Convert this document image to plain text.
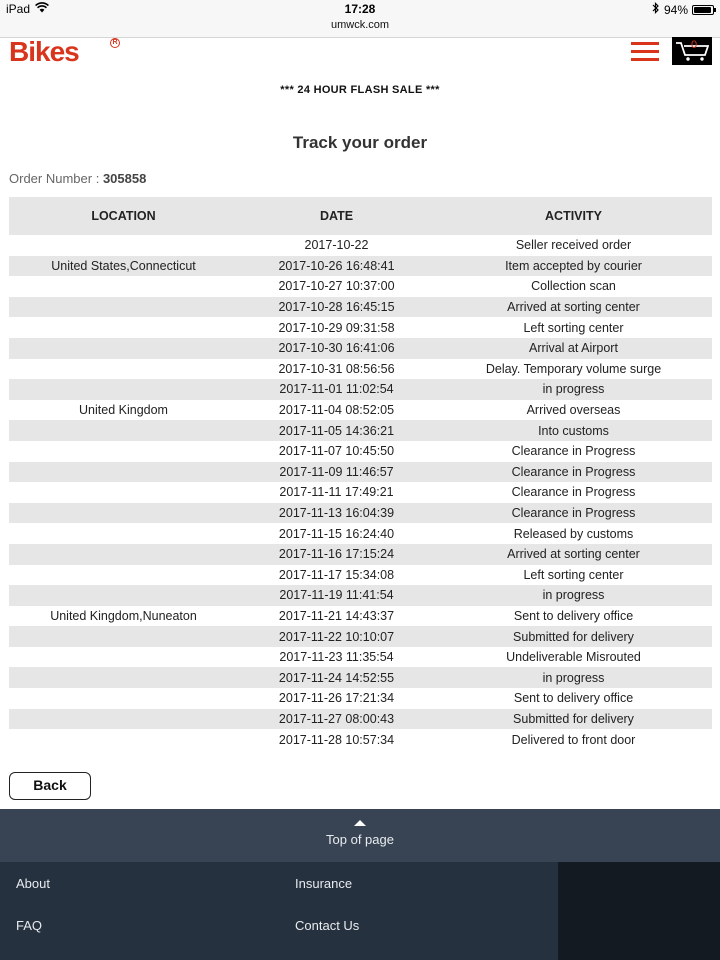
iPad	17:28
umwck.com
94%
Bikes	R	0
*** 24 HOUR FLASH SALE ***
Track your order
Order Number : 305858
LOCATION	DATE	ACTIVITY
2017-10-22	Seller received order
United States,Connecticut	2017-10-26 16:48:41	Item accepted by courier
2017-10-27 10:37:00	Collection scan
2017-10-28 16:45:15	Arrived at sorting center
2017-10-29 09:31:58	Left sorting center
2017-10-30 16:41:06	Arrival at Airport
2017-10-31 08:56:56	Delay. Temporary volume surge
2017-11-01 11:02:54	in progress
United Kingdom	2017-11-04 08:52:05	Arrived overseas
2017-11-05 14:36:21	Into customs
2017-11-07 10:45:50	Clearance in Progress
2017-11-09 11:46:57	Clearance in Progress
2017-11-11 17:49:21	Clearance in Progress
2017-11-13 16:04:39	Clearance in Progress
2017-11-15 16:24:40	Released by customs
2017-11-16 17:15:24	Arrived at sorting center
2017-11-17 15:34:08	Left sorting center
2017-11-19 11:41:54	in progress
United Kingdom,Nuneaton	2017-11-21 14:43:37	Sent to delivery office
2017-11-22 10:10:07	Submitted for delivery
2017-11-23 11:35:54	Undeliverable Misrouted
2017-11-24 14:52:55	in progress
2017-11-26 17:21:34	Sent to delivery office
2017-11-27 08:00:43	Submitted for delivery
2017-11-28 10:57:34	Delivered to front door
Back
Top of page
About	Insurance
FAQ	Contact Us
